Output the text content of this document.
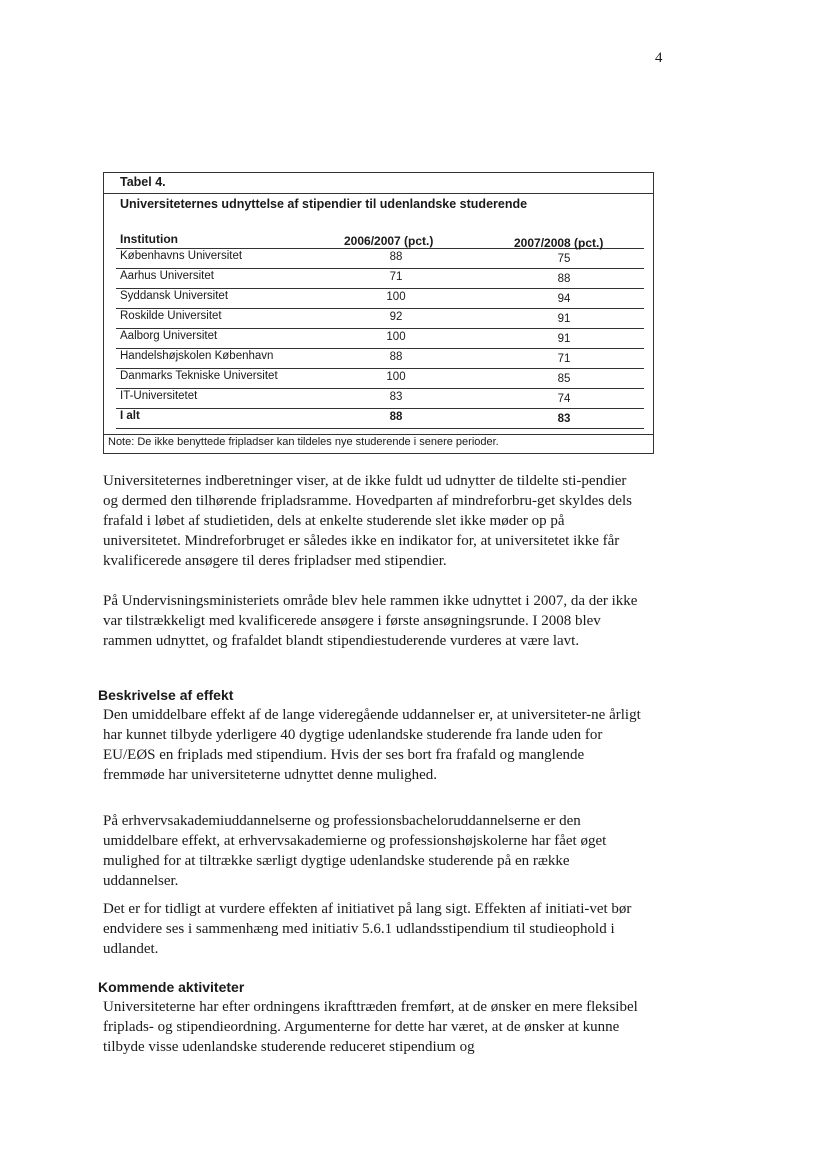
4
Tabel 4.
Universiteternes udnyttelse af stipendier til udenlandske studerende
Institution	2006/2007 (pct.)	2007/2008 (pct.)
Københavns Universitet	88	75
Aarhus Universitet	71	88
Syddansk Universitet	100	94
Roskilde Universitet	92	91
Aalborg Universitet	100	91
Handelshøjskolen København	88	71
Danmarks Tekniske Universitet	100	85
IT-Universitetet	83	74
I alt	88	83
Note: De ikke benyttede fripladser kan tildeles nye studerende i senere perioder.

Universiteternes indberetninger viser, at de ikke fuldt ud udnytter de tildelte sti-pendier og dermed den tilhørende fripladsramme. Hovedparten af mindreforbru-get skyldes dels frafald i løbet af studietiden, dels at enkelte studerende slet ikke møder op på universitetet. Mindreforbruget er således ikke en indikator for, at universitetet ikke får kvalificerede ansøgere til deres fripladser med stipendier.

På Undervisningsministeriets område blev hele rammen ikke udnyttet i 2007, da der ikke var tilstrækkeligt med kvalificerede ansøgere i første ansøgningsrunde. I 2008 blev rammen udnyttet, og frafaldet blandt stipendiestuderende vurderes at være lavt.

Beskrivelse af effekt

Den umiddelbare effekt af de lange videregående uddannelser er, at universiteter-ne årligt har kunnet tilbyde yderligere 40 dygtige udenlandske studerende fra lande uden for EU/EØS en friplads med stipendium. Hvis der ses bort fra frafald og manglende fremmøde har universiteterne udnyttet denne mulighed.

På erhvervsakademiuddannelserne og professionsbacheloruddannelserne er den umiddelbare effekt, at erhvervsakademierne og professionshøjskolerne har fået øget mulighed for at tiltrække særligt dygtige udenlandske studerende på en række uddannelser.

Det er for tidligt at vurdere effekten af initiativet på lang sigt. Effekten af initiati-vet bør endvidere ses i sammenhæng med initiativ 5.6.1 udlandsstipendium til studieophold i udlandet.

Kommende aktiviteter

Universiteterne har efter ordningens ikrafttræden fremført, at de ønsker en mere fleksibel friplads- og stipendieordning. Argumenterne for dette har været, at de ønsker at kunne tilbyde visse udenlandske studerende reduceret stipendium og
